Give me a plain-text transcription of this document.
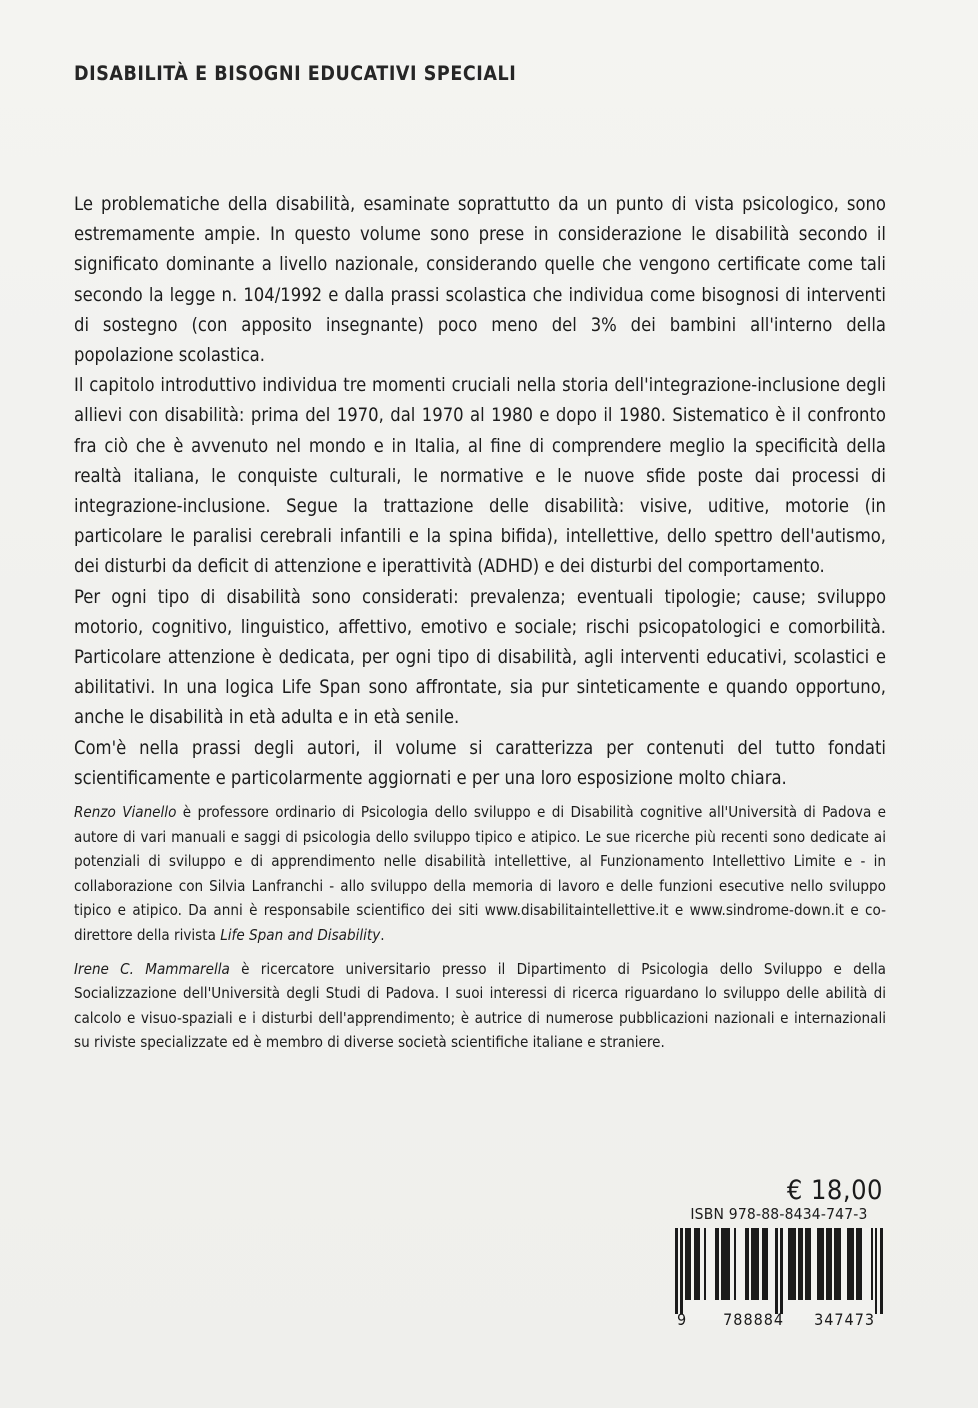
DISABILITÀ E BISOGNI EDUCATIVI SPECIALI

Le problematiche della disabilità, esaminate soprattutto da un punto di vista psicologico, sono estremamente ampie. In questo volume sono prese in considerazione le disabilità secondo il significato dominante a livello nazionale, considerando quelle che vengono certificate come tali secondo la legge n. 104/1992 e dalla prassi scolastica che individua come bisognosi di interventi di sostegno (con apposito insegnante) poco meno del 3% dei bambini all'interno della popolazione scolastica.

Il capitolo introduttivo individua tre momenti cruciali nella storia dell'integrazione-inclusione degli allievi con disabilità: prima del 1970, dal 1970 al 1980 e dopo il 1980. Sistematico è il confronto fra ciò che è avvenuto nel mondo e in Italia, al fine di comprendere meglio la specificità della realtà italiana, le conquiste culturali, le normative e le nuove sfide poste dai processi di integrazione-inclusione. Segue la trattazione delle disabilità: visive, uditive, motorie (in particolare le paralisi cerebrali infantili e la spina bifida), intellettive, dello spettro dell'autismo, dei disturbi da deficit di attenzione e iperattività (ADHD) e dei disturbi del comportamento.

Per ogni tipo di disabilità sono considerati: prevalenza; eventuali tipologie; cause; sviluppo motorio, cognitivo, linguistico, affettivo, emotivo e sociale; rischi psicopatologici e comorbilità. Particolare attenzione è dedicata, per ogni tipo di disabilità, agli interventi educativi, scolastici e abilitativi. In una logica Life Span sono affrontate, sia pur sinteticamente e quando opportuno, anche le disabilità in età adulta e in età senile.

Com'è nella prassi degli autori, il volume si caratterizza per contenuti del tutto fondati scientificamente e particolarmente aggiornati e per una loro esposizione molto chiara.

Renzo Vianello è professore ordinario di Psicologia dello sviluppo e di Disabilità cognitive all'Università di Padova e autore di vari manuali e saggi di psicologia dello sviluppo tipico e atipico. Le sue ricerche più recenti sono dedicate ai potenziali di sviluppo e di apprendimento nelle disabilità intellettive, al Funzionamento Intellettivo Limite e - in collaborazione con Silvia Lanfranchi - allo sviluppo della memoria di lavoro e delle funzioni esecutive nello sviluppo tipico e atipico. Da anni è responsabile scientifico dei siti www.disabilitaintellettive.it e www.sindrome-down.it e co-direttore della rivista Life Span and Disability.

Irene C. Mammarella è ricercatore universitario presso il Dipartimento di Psicologia dello Sviluppo e della Socializzazione dell'Università degli Studi di Padova. I suoi interessi di ricerca riguardano lo sviluppo delle abilità di calcolo e visuo-spaziali e i disturbi dell'apprendimento; è autrice di numerose pubblicazioni nazionali e internazionali su riviste specializzate ed è membro di diverse società scientifiche italiane e straniere.

€ 18,00
ISBN 978-88-8434-747-3
9 788884 347473
